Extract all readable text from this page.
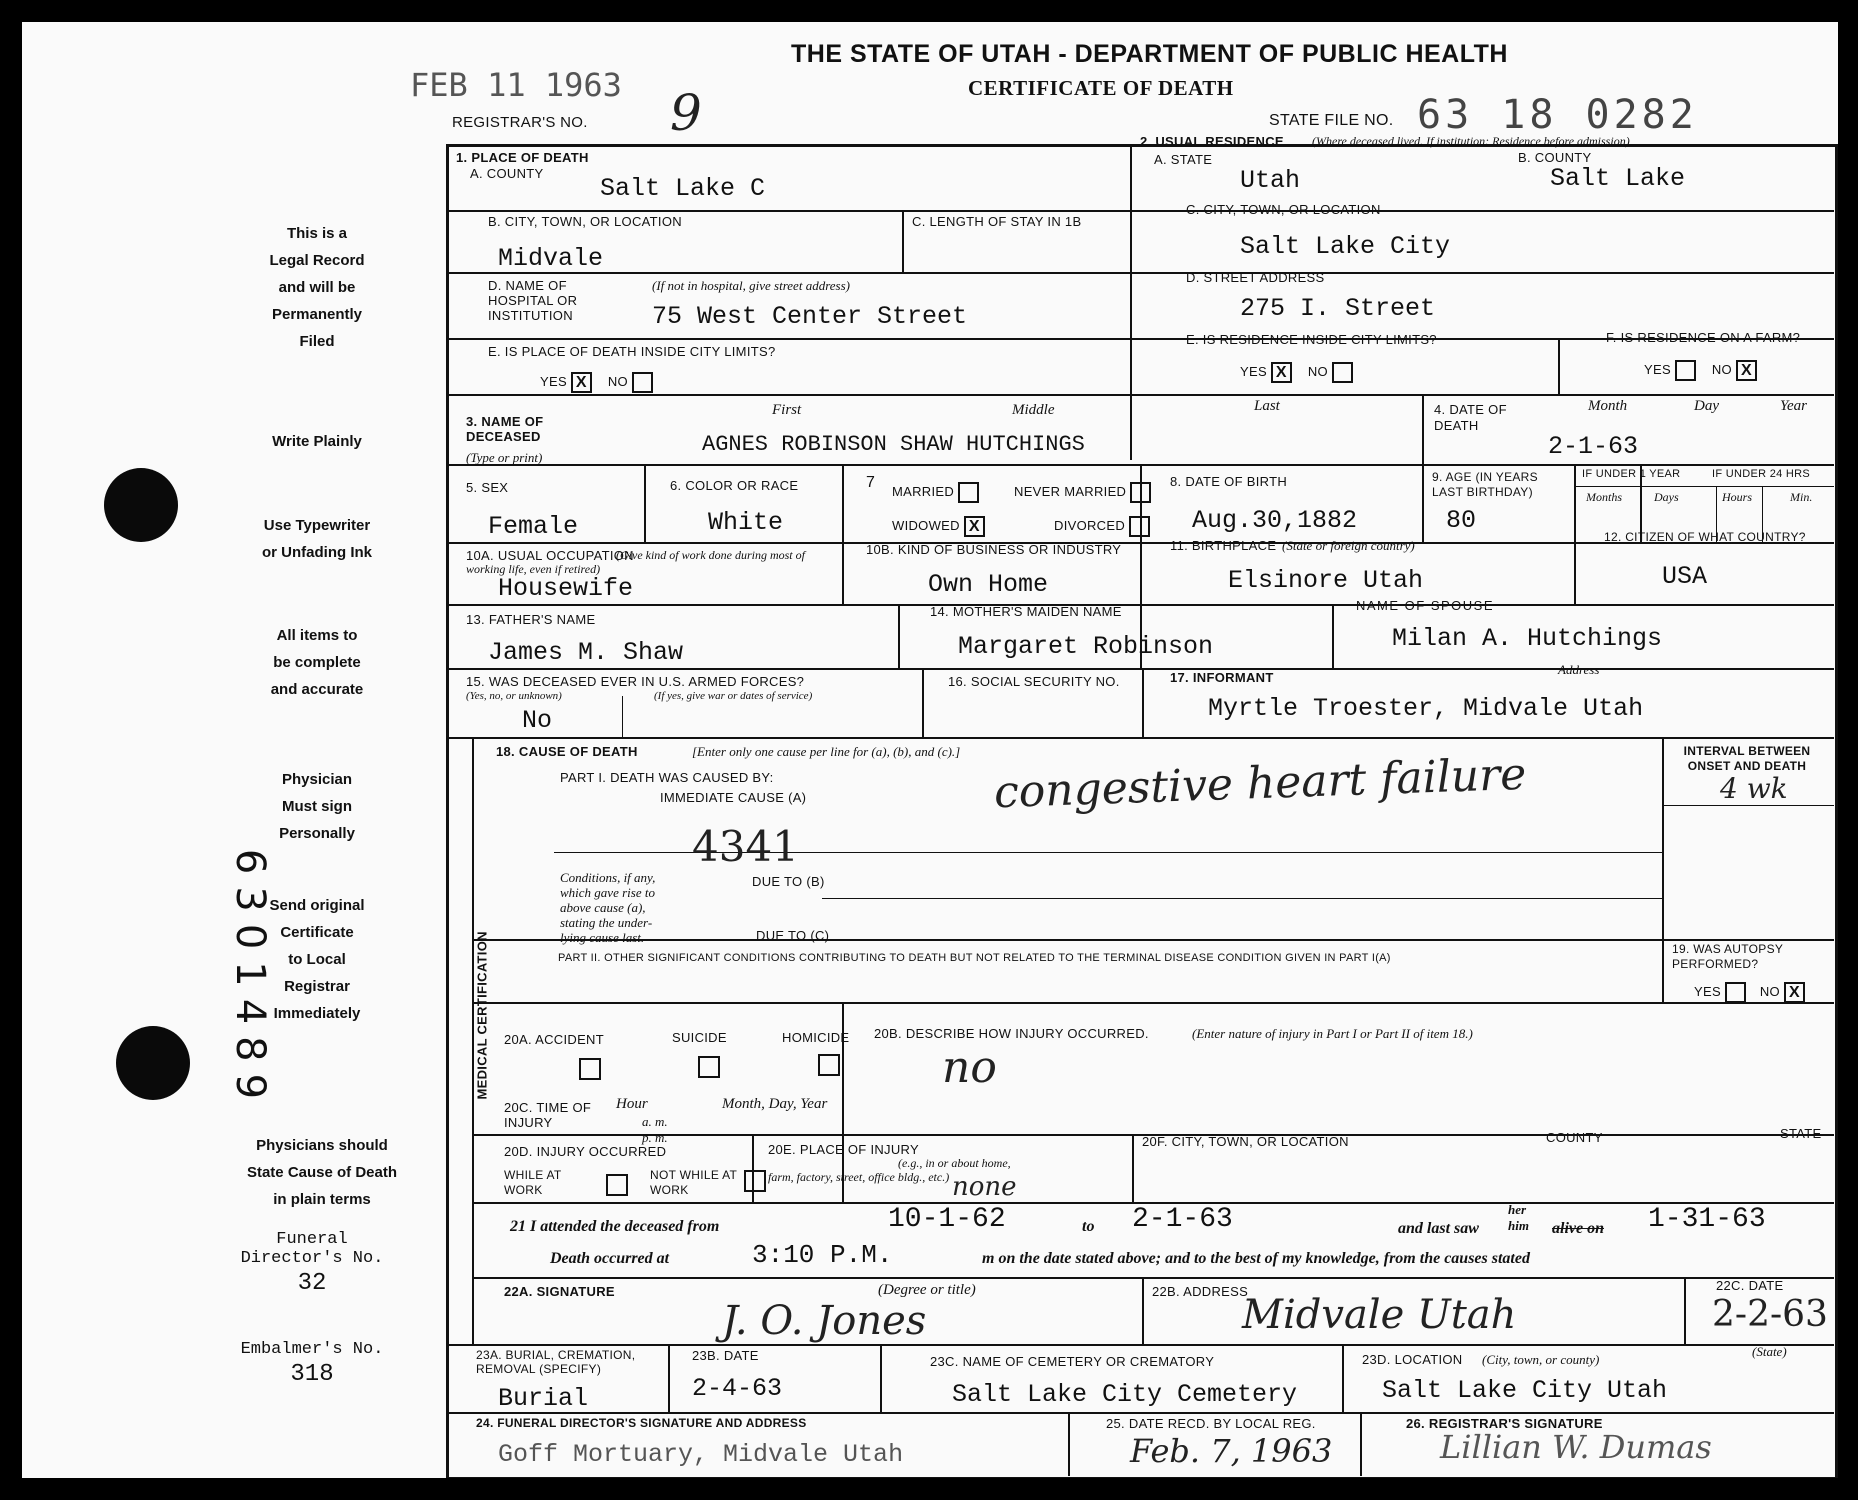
FEB 11 1963
THE STATE OF UTAH - DEPARTMENT OF PUBLIC HEALTH
CERTIFICATE OF DEATH
REGISTRAR'S NO. 9	STATE FILE NO. 63 18 0282
This is a
Legal Record
and will be
Permanently
Filed
Write Plainly
Use Typewriter
or Unfading Ink
All items to
be complete
and accurate
Physician
Must sign
Personally
Send original
Certificate
to Local
Registrar
Immediately
Physicians should
State Cause of Death
in plain terms
Funeral
Director's No.
32
Embalmer's No.
318
6301489
1. PLACE OF DEATH
A. COUNTY
Salt Lake C
2. USUAL RESIDENCE (Where deceased lived. If institution: Residence before admission)
A. STATE
Utah
B. COUNTY
Salt Lake
B. CITY, TOWN, OR LOCATION
Midvale
C. LENGTH OF STAY IN 1B
C. CITY, TOWN, OR LOCATION
Salt Lake City
D. NAME OF HOSPITAL OR INSTITUTION
(If not in hospital, give street address)
75 West Center Street
D. STREET ADDRESS
275 I. Street
E. IS PLACE OF DEATH INSIDE CITY LIMITS?
YES X NO
E. IS RESIDENCE INSIDE CITY LIMITS?
YES X NO
F. IS RESIDENCE ON A FARM?
YES	NO X
3. NAME OF DECEASED
(Type or print)
First	Middle	Last
AGNES ROBINSON SHAW HUTCHINGS
4. DATE OF DEATH
Month	Day	Year
2-1-63
5. SEX
Female
6. COLOR OR RACE
White
7
MARRIED	NEVER MARRIED
WIDOWED X	DIVORCED
8. DATE OF BIRTH
Aug.30,1882
9. AGE (IN YEARS LAST BIRTHDAY)
80
IF UNDER 1 YEAR	IF UNDER 24 HRS
Months	Days	Hours	Min.
10A. USUAL OCCUPATION
(Give kind of work done during most of working life, even if retired)
Housewife
10B. KIND OF BUSINESS OR INDUSTRY
Own Home
11. BIRTHPLACE (State or foreign country)
Elsinore Utah
12. CITIZEN OF WHAT COUNTRY?
USA
13. FATHER'S NAME
James M. Shaw
14. MOTHER'S MAIDEN NAME
Margaret Robinson
NAME OF SPOUSE
Milan A. Hutchings
15. WAS DECEASED EVER IN U.S. ARMED FORCES?
(Yes, no, or unknown)	(If yes, give war or dates of service)
No
16. SOCIAL SECURITY NO.	17. INFORMANT
Address
Myrtle Troester, Midvale Utah
MEDICAL CERTIFICATION
18. CAUSE OF DEATH	[Enter only one cause per line for (a), (b), and (c).]
PART I. DEATH WAS CAUSED BY:
IMMEDIATE CAUSE (A)	congestive heart failure
4341
Conditions, if any,
which gave rise to
above cause (a),
stating the under-
lying cause last.
DUE TO (B)
DUE TO (C)
INTERVAL BETWEEN ONSET AND DEATH
4 wk
PART II. OTHER SIGNIFICANT CONDITIONS CONTRIBUTING TO DEATH BUT NOT RELATED TO THE TERMINAL DISEASE CONDITION GIVEN IN PART I(A)
19. WAS AUTOPSY PERFORMED?
YES	NO X
20A. ACCIDENT	SUICIDE	HOMICIDE 20B. DESCRIBE HOW INJURY OCCURRED.	(Enter nature of injury in Part I or Part II of item 18.)
no
20C. TIME OF INJURY
Hour	Month, Day, Year
a. m.
p. m.
20D. INJURY OCCURRED
WHILE AT WORK
NOT WHILE AT WORK
20E. PLACE OF INJURY
(e.g., in or about home, farm, factory, street, office bldg., etc.) none
20F. CITY, TOWN, OR LOCATION	COUNTY	STATE
21 I attended the deceased from	10-1-62	to 2-1-63	and last saw
her
him alive on 1-31-63
Death occurred at	3:10 P.M.	m on the date stated above; and to the best of my knowledge, from the causes stated
22A. SIGNATURE	(Degree or title)
J. O. Jones
22B. ADDRESS
Midvale Utah
22C. DATE
2-2-63
(State)
23A. BURIAL, CREMATION, REMOVAL (SPECIFY)
Burial
23B. DATE
2-4-63
23C. NAME OF CEMETERY OR CREMATORY
Salt Lake City Cemetery
23D. LOCATION (City, town, or county)
Salt Lake City Utah
24. FUNERAL DIRECTOR'S SIGNATURE AND ADDRESS
Goff Mortuary, Midvale Utah
25. DATE RECD. BY LOCAL REG.
Feb. 7, 1963
26. REGISTRAR'S SIGNATURE
Lillian W. Dumas
